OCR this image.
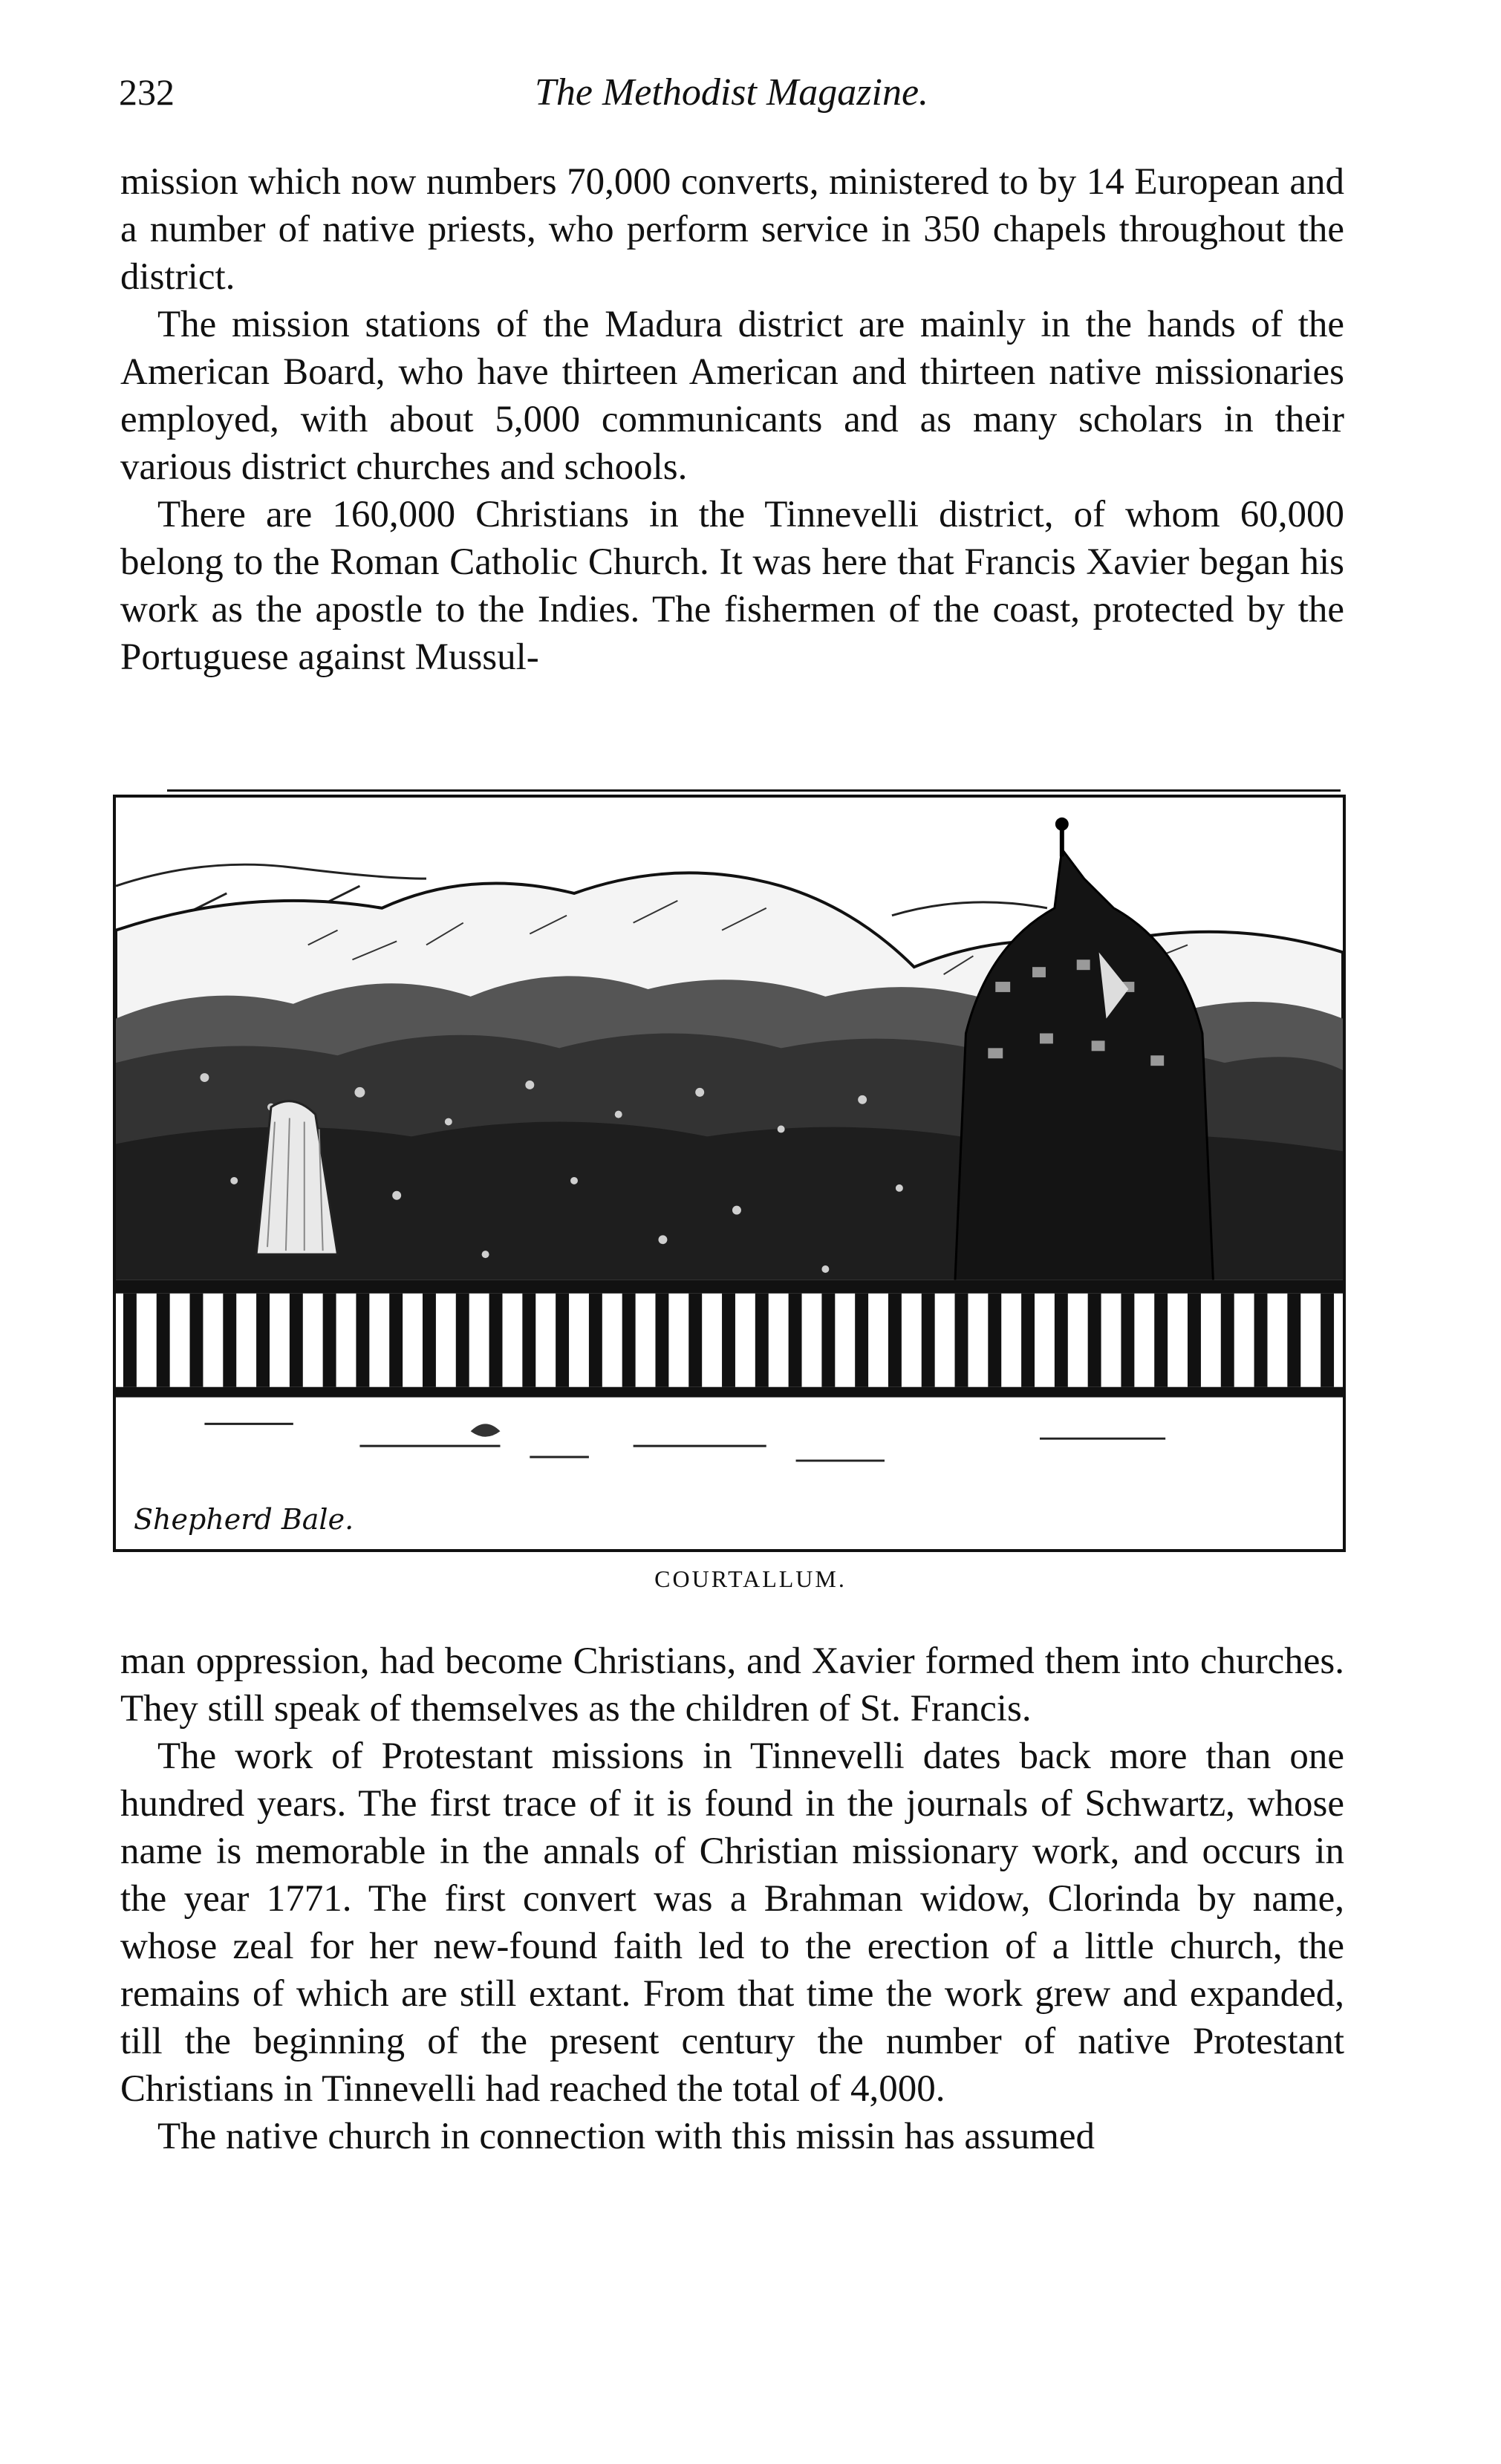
232	The Methodist Magazine.

mission which now numbers 70,000 converts, ministered to by 14 European and a number of native priests, who perform service in 350 chapels throughout the district.

The mission stations of the Madura district are mainly in the hands of the American Board, who have thirteen American and thirteen native missionaries employed, with about 5,000 communicants and as many scholars in their various district churches and schools.

There are 160,000 Christians in the Tinnevelli district, of whom 60,000 belong to the Roman Catholic Church. It was here that Francis Xavier began his work as the apostle to the Indies. The fishermen of the coast, protected by the Portuguese against Mussul-

Shepherd Bale.
COURTALLUM.

man oppression, had become Christians, and Xavier formed them into churches. They still speak of themselves as the children of St. Francis.

The work of Protestant missions in Tinnevelli dates back more than one hundred years. The first trace of it is found in the journals of Schwartz, whose name is memorable in the annals of Christian missionary work, and occurs in the year 1771. The first convert was a Brahman widow, Clorinda by name, whose zeal for her new-found faith led to the erection of a little church, the remains of which are still extant. From that time the work grew and expanded, till the beginning of the present century the number of native Protestant Christians in Tinnevelli had reached the total of 4,000.

The native church in connection with this missin has assumed
